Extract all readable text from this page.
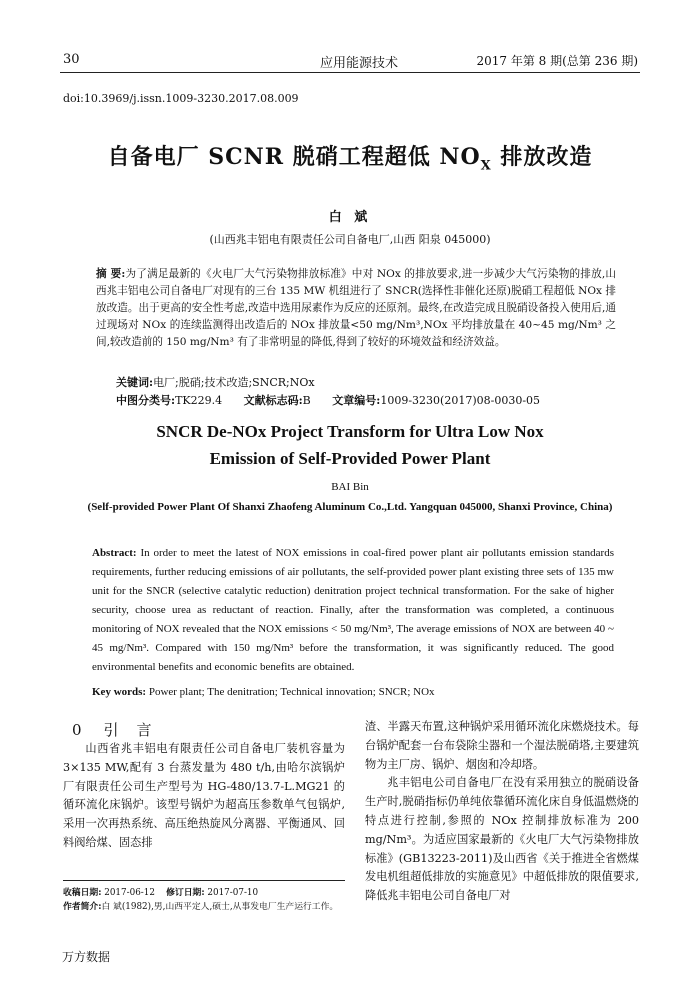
30	应用能源技术	2017 年第 8 期(总第 236 期)
doi:10.3969/j.issn.1009-3230.2017.08.009
自备电厂 SCNR 脱硝工程超低 $NO_X$ 排放改造
白 斌
(山西兆丰铝电有限责任公司自备电厂,山西 阳泉 045000)
摘 要:为了满足最新的《火电厂大气污染物排放标准》中对 NOx 的排放要求,进一步减少大气污染物的排放,山西兆丰铝电公司自备电厂对现有的三台 135 MW 机组进行了 SNCR(选择性非催化还原)脱硝工程超低 NOx 排放改造。出于更高的安全性考虑,改造中选用尿素作为反应的还原剂。最终,在改造完成且脱硝设备投入使用后,通过现场对 NOx 的连续监测得出改造后的 NOx 排放量<50 mg/Nm³,NOx 平均排放量在 40~45 mg/Nm³ 之间,较改造前的 150 mg/Nm³ 有了非常明显的降低,得到了较好的环境效益和经济效益。
关键词:电厂;脱硝;技术改造;SNCR;NOx
中图分类号:TK229.4 文献标志码:B 文章编号:1009-3230(2017)08-0030-05
SNCR De-NOx Project Transform for Ultra Low Nox
Emission of Self-Provided Power Plant
BAI Bin
(Self-provided Power Plant Of Shanxi Zhaofeng Aluminum Co.,Ltd. Yangquan 045000, Shanxi Province, China)
Abstract: In order to meet the latest of NOX emissions in coal-fired power plant air pollutants emission standards requirements, further reducing emissions of air pollutants, the self-provided power plant existing three sets of 135 mw unit for the SNCR (selective catalytic reduction) denitration project technical transformation. For the sake of higher security, choose urea as reductant of reaction. Finally, after the transformation was completed, a continuous monitoring of NOX revealed that the NOX emissions < 50 mg/Nm³, The average emissions of NOX are between 40 ~ 45 mg/Nm³. Compared with 150 mg/Nm³ before the transformation, it was significantly reduced. The good environmental benefits and economic benefits are obtained.
Key words: Power plant; The denitration; Technical innovation; SNCR; NOx
0 引言

山西省兆丰铝电有限责任公司自备电厂装机容量为 3×135 MW,配有 3 台蒸发量为 480 t/h,由哈尔滨锅炉厂有限责任公司生产型号为 HG-480/13.7-L.MG21 的循环流化床锅炉。该型号锅炉为超高压参数单气包锅炉,采用一次再热系统、高压绝热旋风分离器、平衡通风、回料阀给煤、固态排

渣、半露天布置,这种锅炉采用循环流化床燃烧技术。每台锅炉配套一台布袋除尘器和一个湿法脱硝塔,主要建筑物为主厂房、锅炉、烟囱和冷却塔。

兆丰铝电公司自备电厂在没有采用独立的脱硝设备生产时,脱硝指标仍单纯依靠循环流化床自身低温燃烧的特点进行控制,参照的 NOx 控制排放标准为 200 mg/Nm³。为适应国家最新的《火电厂大气污染物排放标准》(GB13223-2011)及山西省《关于推进全省燃煤发电机组超低排放的实施意见》中超低排放的限值要求,降低兆丰铝电公司自备电厂对

收稿日期: 2017-06-12 修订日期: 2017-07-10
作者简介:白 斌(1982),男,山西平定人,硕士,从事发电厂生产运行工作。
万方数据
